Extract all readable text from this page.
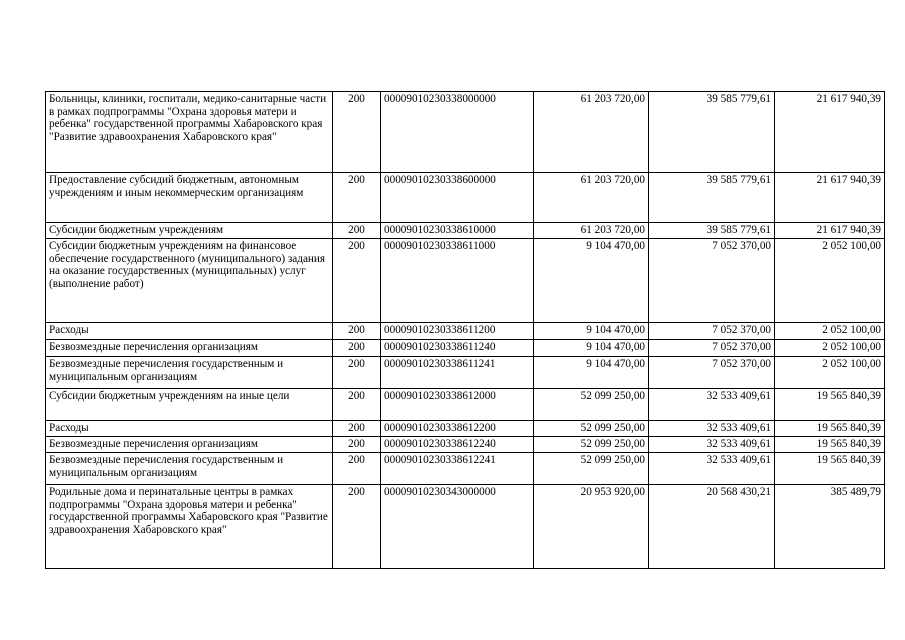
Больницы, клиники, госпитали, медико-санитарные части в рамках подпрограммы "Охрана здоровья матери и ребенка" государственной программы Хабаровского края "Развитие здравоохранения Хабаровского края"	200	00009010230338000000	61 203 720,00	39 585 779,61	21 617 940,39
Предоставление субсидий бюджетным, автономным учреждениям и иным некоммерческим организациям	200	00009010230338600000	61 203 720,00	39 585 779,61	21 617 940,39
Субсидии бюджетным учреждениям	200	00009010230338610000	61 203 720,00	39 585 779,61	21 617 940,39
Субсидии бюджетным учреждениям на финансовое обеспечение государственного (муниципального) задания на оказание государственных (муниципальных) услуг (выполнение работ)	200	00009010230338611000	9 104 470,00	7 052 370,00	2 052 100,00
Расходы	200	00009010230338611200	9 104 470,00	7 052 370,00	2 052 100,00
Безвозмездные перечисления организациям	200	00009010230338611240	9 104 470,00	7 052 370,00	2 052 100,00
Безвозмездные перечисления государственным и муниципальным организациям	200	00009010230338611241	9 104 470,00	7 052 370,00	2 052 100,00
Субсидии бюджетным учреждениям на иные цели	200	00009010230338612000	52 099 250,00	32 533 409,61	19 565 840,39
Расходы	200	00009010230338612200	52 099 250,00	32 533 409,61	19 565 840,39
Безвозмездные перечисления организациям	200	00009010230338612240	52 099 250,00	32 533 409,61	19 565 840,39
Безвозмездные перечисления государственным и муниципальным организациям	200	00009010230338612241	52 099 250,00	32 533 409,61	19 565 840,39
Родильные дома и перинатальные центры в рамках подпрограммы "Охрана здоровья матери и ребенка" государственной программы Хабаровского края "Развитие здравоохранения Хабаровского края"	200	00009010230343000000	20 953 920,00	20 568 430,21	385 489,79
